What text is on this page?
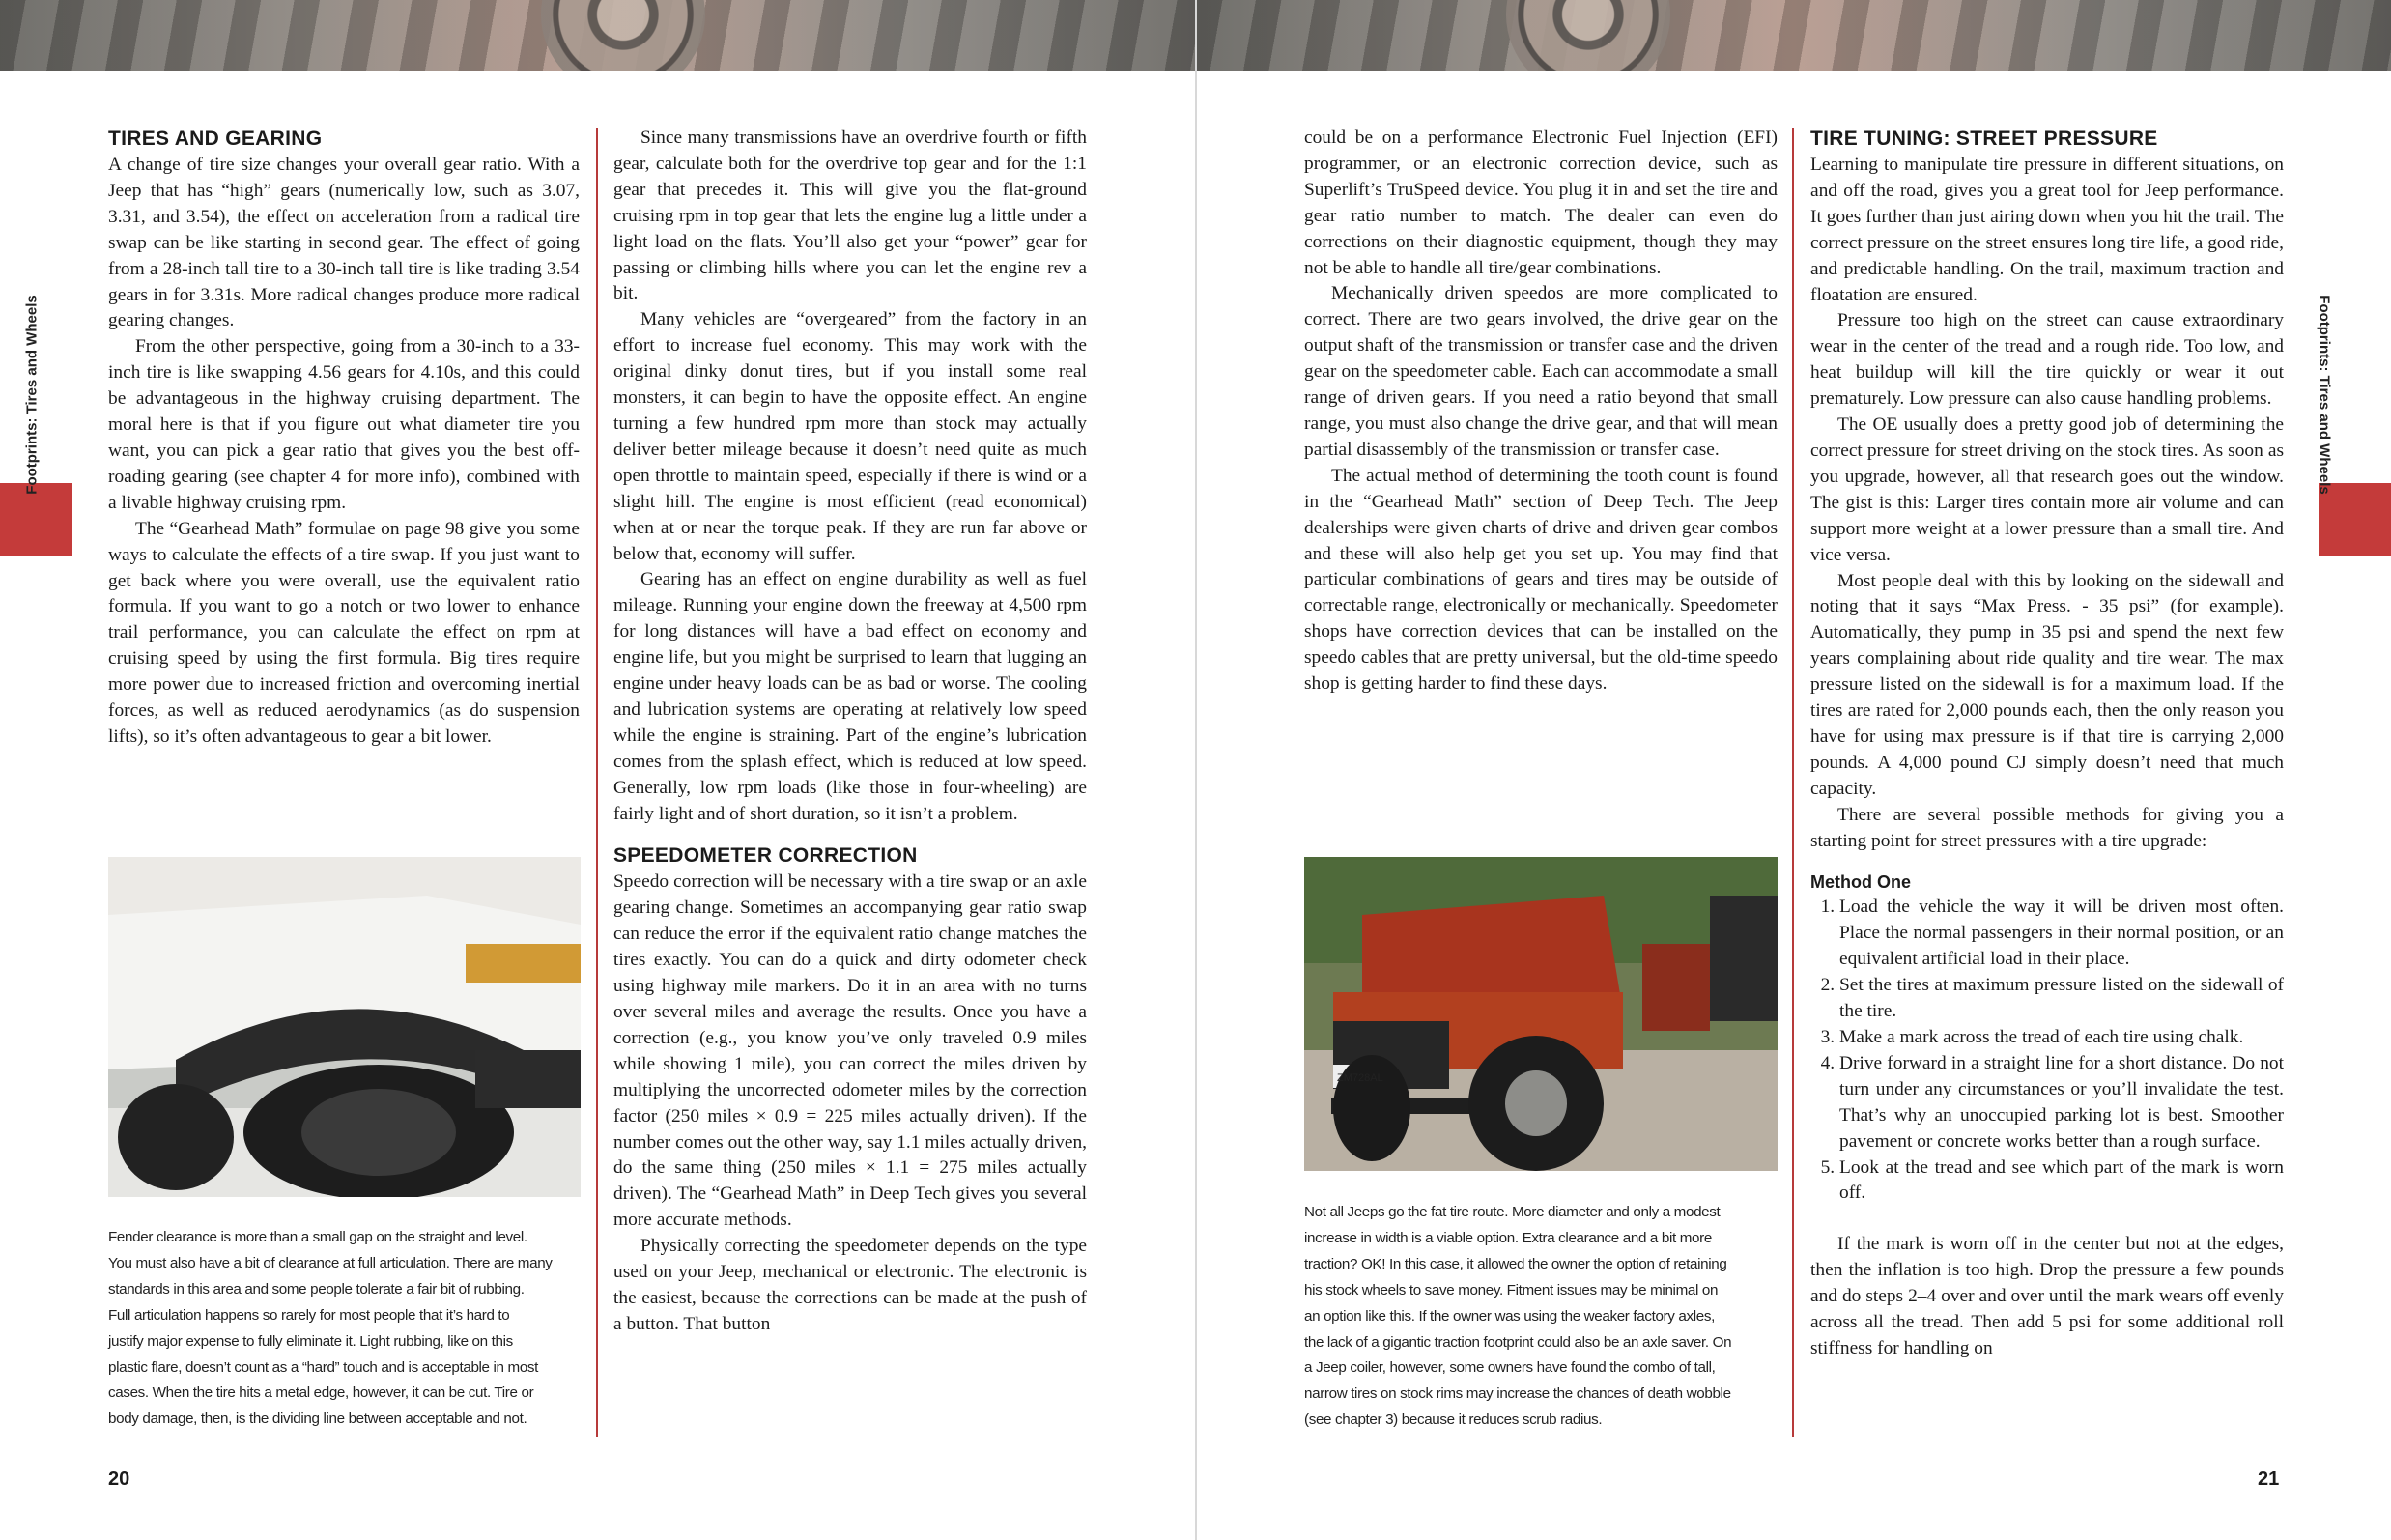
Footprints: Tires and Wheels	Footprints: Tires and Wheels
TIRES AND GEARING

A change of tire size changes your overall gear ratio. With a Jeep that has “high” gears (numerically low, such as 3.07, 3.31, and 3.54), the effect on acceleration from a radical tire swap can be like starting in second gear. The effect of going from a 28-inch tall tire to a 30-inch tall tire is like trading 3.54 gears in for 3.31s. More radical changes produce more radical gearing changes.

From the other perspective, going from a 30-inch to a 33-inch tire is like swapping 4.56 gears for 4.10s, and this could be advantageous in the highway cruising department. The moral here is that if you figure out what diameter tire you want, you can pick a gear ratio that gives you the best off-roading gearing (see chapter 4 for more info), combined with a livable highway cruising rpm.

The “Gearhead Math” formulae on page 98 give you some ways to calculate the effects of a tire swap. If you just want to get back where you were overall, use the equivalent ratio formula. If you want to go a notch or two lower to enhance trail performance, you can calculate the effect on rpm at cruising speed by using the first formula. Big tires require more power due to increased friction and overcoming inertial forces, as well as reduced aerodynamics (as do suspension lifts), so it’s often advantageous to gear a bit lower.

Fender clearance is more than a small gap on the straight and level.
You must also have a bit of clearance at full articulation. There are many
standards in this area and some people tolerate a fair bit of rubbing.
Full articulation happens so rarely for most people that it’s hard to
justify major expense to fully eliminate it. Light rubbing, like on this
plastic flare, doesn’t count as a “hard” touch and is acceptable in most
cases. When the tire hits a metal edge, however, it can be cut. Tire or
body damage, then, is the dividing line between acceptable and not.

Since many transmissions have an overdrive fourth or fifth gear, calculate both for the overdrive top gear and for the 1:1 gear that precedes it. This will give you the flat-ground cruising rpm in top gear that lets the engine lug a little under a light load on the flats. You’ll also get your “power” gear for passing or climbing hills where you can let the engine rev a bit.

Many vehicles are “overgeared” from the factory in an effort to increase fuel economy. This may work with the original dinky donut tires, but if you install some real monsters, it can begin to have the opposite effect. An engine turning a few hundred rpm more than stock may actually deliver better mileage because it doesn’t need quite as much open throttle to maintain speed, especially if there is wind or a slight hill. The engine is most efficient (read economical) when at or near the torque peak. If they are run far above or below that, economy will suffer.

Gearing has an effect on engine durability as well as fuel mileage. Running your engine down the freeway at 4,500 rpm for long distances will have a bad effect on economy and engine life, but you might be surprised to learn that lugging an engine under heavy loads can be as bad or worse. The cooling and lubrication systems are operating at relatively low speed while the engine is straining. Part of the engine’s lubrication comes from the splash effect, which is reduced at low speed. Generally, low rpm loads (like those in four-wheeling) are fairly light and of short duration, so it isn’t a problem.

SPEEDOMETER CORRECTION

Speedo correction will be necessary with a tire swap or an axle gearing change. Sometimes an accompanying gear ratio swap can reduce the error if the equivalent ratio change matches the tires exactly. You can do a quick and dirty odometer check using highway mile markers. Do it in an area with no turns over several miles and average the results. Once you have a correction (e.g., you know you’ve only traveled 0.9 miles while showing 1 mile), you can correct the miles driven by multiplying the uncorrected odometer miles by the correction factor (250 miles × 0.9 = 225 miles actually driven). If the number comes out the other way, say 1.1 miles actually driven, do the same thing (250 miles × 1.1 = 275 miles actually driven). The “Gearhead Math” in Deep Tech gives you several more accurate methods.

Physically correcting the speedometer depends on the type used on your Jeep, mechanical or electronic. The electronic is the easiest, because the corrections can be made at the push of a button. That button

20

could be on a performance Electronic Fuel Injection (EFI) programmer, or an electronic correction device, such as Superlift’s TruSpeed device. You plug it in and set the tire and gear ratio number to match. The dealer can even do corrections on their diagnostic equipment, though they may not be able to handle all tire/gear combinations.

Mechanically driven speedos are more complicated to correct. There are two gears involved, the drive gear on the output shaft of the transmission or transfer case and the driven gear on the speedometer cable. Each can accommodate a small range of driven gears. If you need a ratio beyond that small range, you must also change the drive gear, and that will mean partial disassembly of the transmission or transfer case.

The actual method of determining the tooth count is found in the “Gearhead Math” section of Deep Tech. The Jeep dealerships were given charts of drive and driven gear combos and these will also help get you set up. You may find that particular combinations of gears and tires may be outside of correctable range, electronically or mechanically. Speedometer shops have correction devices that can be installed on the speedo cables that are pretty universal, but the old-time speedo shop is getting harder to find these days.

ZM728AL
Not all Jeeps go the fat tire route. More diameter and only a modest
increase in width is a viable option. Extra clearance and a bit more
traction? OK! In this case, it allowed the owner the option of retaining
his stock wheels to save money. Fitment issues may be minimal on
an option like this. If the owner was using the weaker factory axles,
the lack of a gigantic traction footprint could also be an axle saver. On
a Jeep coiler, however, some owners have found the combo of tall,
narrow tires on stock rims may increase the chances of death wobble
(see chapter 3) because it reduces scrub radius.
TIRE TUNING: STREET PRESSURE

Learning to manipulate tire pressure in different situations, on and off the road, gives you a great tool for Jeep performance. It goes further than just airing down when you hit the trail. The correct pressure on the street ensures long tire life, a good ride, and predictable handling. On the trail, maximum traction and floatation are ensured.

Pressure too high on the street can cause extraordinary wear in the center of the tread and a rough ride. Too low, and heat buildup will kill the tire quickly or wear it out prematurely. Low pressure can also cause handling problems.

The OE usually does a pretty good job of determining the correct pressure for street driving on the stock tires. As soon as you upgrade, however, all that research goes out the window. The gist is this: Larger tires contain more air volume and can support more weight at a lower pressure than a small tire. And vice versa.

Most people deal with this by looking on the sidewall and noting that it says “Max Press. - 35 psi” (for example). Automatically, they pump in 35 psi and spend the next few years complaining about ride quality and tire wear. The max pressure listed on the sidewall is for a maximum load. If the tires are rated for 2,000 pounds each, then the only reason you have for using max pressure is if that tire is carrying 2,000 pounds. A 4,000 pound CJ simply doesn’t need that much capacity.

There are several possible methods for giving you a starting point for street pressures with a tire upgrade:

Method One
1. Load the vehicle the way it will be driven most often. Place the normal passengers in their normal position, or an equivalent artificial load in their place.
2. Set the tires at maximum pressure listed on the sidewall of the tire.
3. Make a mark across the tread of each tire using chalk.
4. Drive forward in a straight line for a short distance. Do not turn under any circumstances or you’ll invalidate the test. That’s why an unoccupied parking lot is best. Smoother pavement or concrete works better than a rough surface.
5. Look at the tread and see which part of the mark is worn off.

If the mark is worn off in the center but not at the edges, then the inflation is too high. Drop the pressure a few pounds and do steps 2–4 over and over until the mark wears off evenly across all the tread. Then add 5 psi for some additional roll stiffness for handling on

21
